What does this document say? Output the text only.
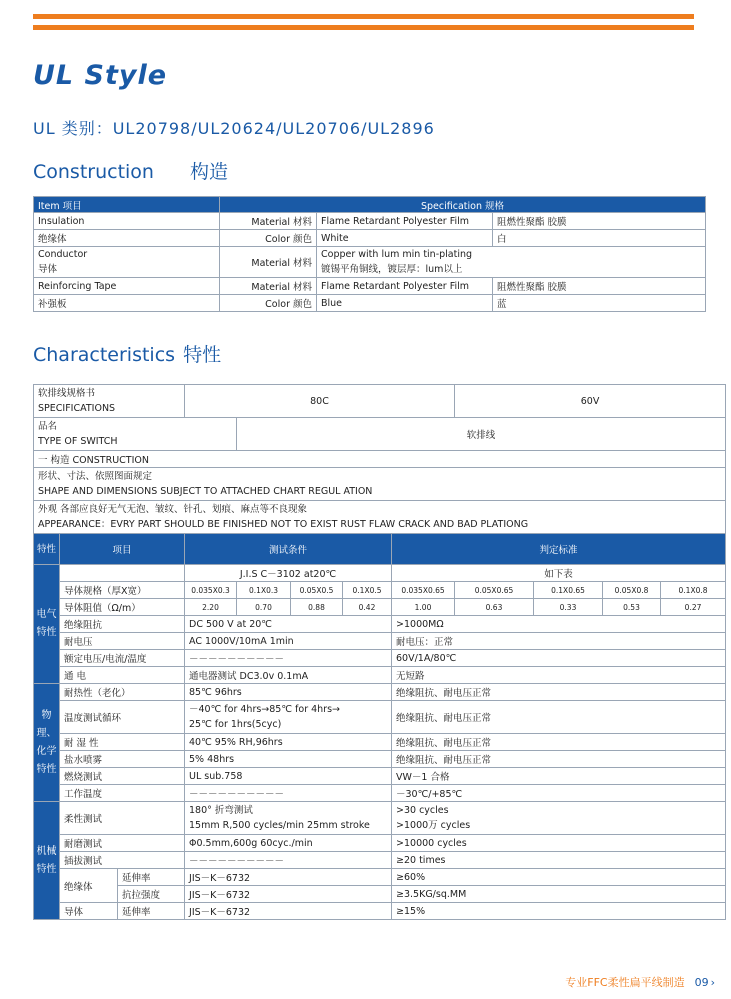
UL Style
UL 类别：UL20798/UL20624/UL20706/UL2896
Construction 构造
Item 项目	Specification 规格		
Insulation	Material 材料	Flame Retardant Polyester Film	阻燃性聚酯 胶膜
绝缘体	Color 颜色	White	白
Conductor
导体	Material 材料	Copper with lum min tin-plating
镀锡平角铜线，镀层厚：lum以上	
Reinforcing Tape	Material 材料	Flame Retardant Polyester Film	阻燃性聚酯 胶膜
补强板	Color 颜色	Blue	蓝
Characteristics 特性
软排线规格书
SPECIFICATIONS			80C					60V			
品名
TYPE OF SWITCH				软排线							
一 构造 CONSTRUCTION											
形状、寸法、依照图面规定
SHAPE AND DIMENSIONS SUBJECT TO ATTACHED CHART REGUL ATION											
外观 各部应良好无气无泡、皱纹、针孔、划痕、麻点等不良现象
APPEARANCE：EVRY PART SHOULD BE FINISHED NOT TO EXIST RUST FLAW CRACK AND BAD PLATIONG											
特性	项目		测试条件				判定标准				
电气特性			J.I.S C－3102 at20℃				如下表				
	导体规格（厚X宽）		0.035X0.3	0.1X0.3	0.05X0.5	0.1X0.5	0.035X0.65	0.05X0.65	0.1X0.65	0.05X0.8	0.1X0.8
	导体阻值（Ω/m）		2.20	0.70	0.88	0.42	1.00	0.63	0.33	0.53	0.27
	绝缘阻抗		DC 500 V at 20℃				>1000MΩ				
	耐电压		AC 1000V/10mA 1min				耐电压：正常				
	额定电压/电流/温度		－－－－－－－－－－				60V/1A/80℃				
	通 电		通电器测试 DC3.0v 0.1mA				无短路				
物理、化学特性	耐热性（老化）		85℃ 96hrs				绝缘阻抗、耐电压正常				
	温度测试循环		－40℃ for 4hrs→85℃ for 4hrs→
25℃ for 1hrs(5cyc)				绝缘阻抗、耐电压正常				
	耐 湿 性		40℃ 95% RH,96hrs				绝缘阻抗、耐电压正常				
	盐水喷雾		5% 48hrs				绝缘阻抗、耐电压正常				
	燃烧测试		UL sub.758				VW－1 合格				
	工作温度		－－－－－－－－－－				－30℃/+85℃				
机械特性	柔性测试		180° 折弯测试
15mm R,500 cycles/min 25mm stroke				>30 cycles
>1000万 cycles				
	耐磨测试		Φ0.5mm,600g 60cyc./min				>10000 cycles				
	插拔测试		－－－－－－－－－－				≥20 times				
	绝缘体	延伸率	JIS－K－6732				≥60%				
		抗拉强度	JIS－K－6732				≥3.5KG/sq.MM				
	导体	延伸率	JIS－K－6732				≥15%				
专业FFC柔性扁平线制造 09 ›
